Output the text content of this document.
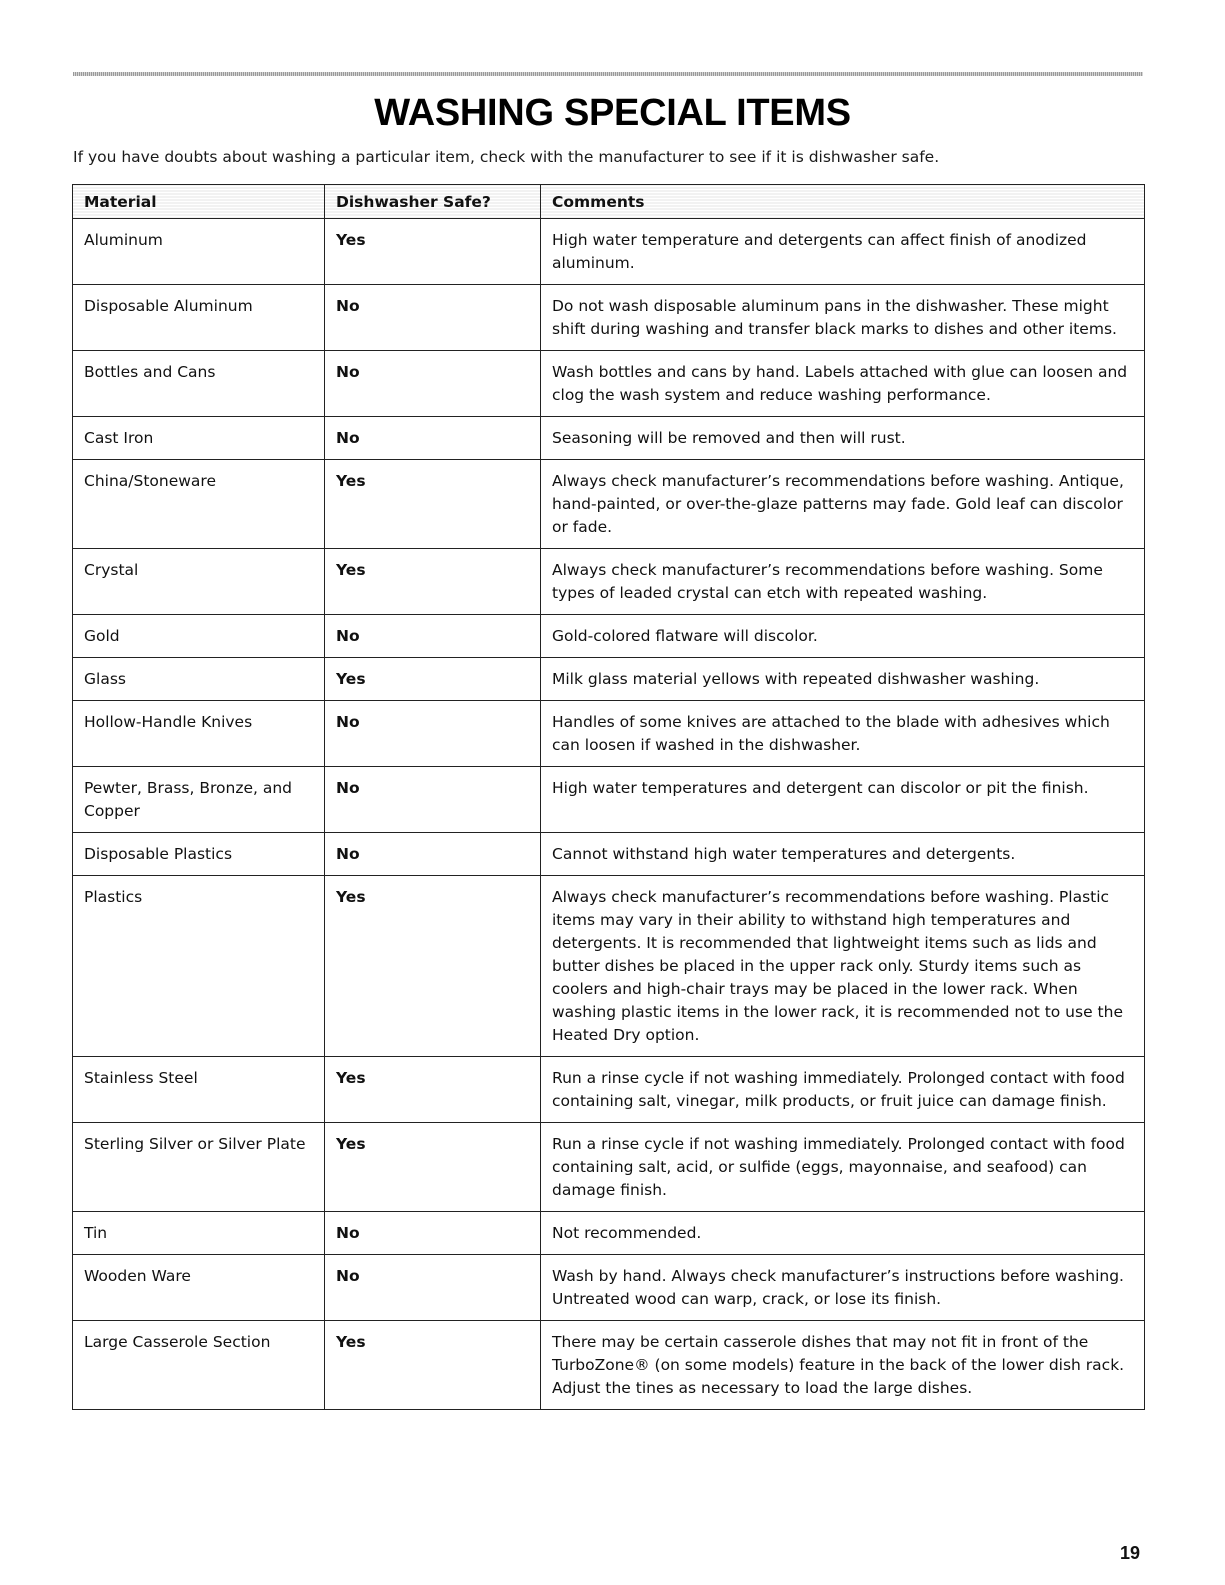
WASHING SPECIAL ITEMS
If you have doubts about washing a particular item, check with the manufacturer to see if it is dishwasher safe.
Material	Dishwasher Safe?	Comments
Aluminum	Yes	High water temperature and detergents can affect finish of anodized aluminum.
Disposable Aluminum	No	Do not wash disposable aluminum pans in the dishwasher. These might shift during washing and transfer black marks to dishes and other items.
Bottles and Cans	No	Wash bottles and cans by hand. Labels attached with glue can loosen and clog the wash system and reduce washing performance.
Cast Iron	No	Seasoning will be removed and then will rust.
China/Stoneware	Yes	Always check manufacturer’s recommendations before washing. Antique, hand-painted, or over-the-glaze patterns may fade. Gold leaf can discolor or fade.
Crystal	Yes	Always check manufacturer’s recommendations before washing. Some types of leaded crystal can etch with repeated washing.
Gold	No	Gold-colored flatware will discolor.
Glass	Yes	Milk glass material yellows with repeated dishwasher washing.
Hollow-Handle Knives	No	Handles of some knives are attached to the blade with adhesives which can loosen if washed in the dishwasher.
Pewter, Brass, Bronze, and Copper	No	High water temperatures and detergent can discolor or pit the finish.
Disposable Plastics	No	Cannot withstand high water temperatures and detergents.
Plastics	Yes	Always check manufacturer’s recommendations before washing. Plastic items may vary in their ability to withstand high temperatures and detergents. It is recommended that lightweight items such as lids and butter dishes be placed in the upper rack only. Sturdy items such as coolers and high-chair trays may be placed in the lower rack. When washing plastic items in the lower rack, it is recommended not to use the Heated Dry option.
Stainless Steel	Yes	Run a rinse cycle if not washing immediately. Prolonged contact with food containing salt, vinegar, milk products, or fruit juice can damage finish.
Sterling Silver or Silver Plate	Yes	Run a rinse cycle if not washing immediately. Prolonged contact with food containing salt, acid, or sulfide (eggs, mayonnaise, and seafood) can damage finish.
Tin	No	Not recommended.
Wooden Ware	No	Wash by hand. Always check manufacturer’s instructions before washing. Untreated wood can warp, crack, or lose its finish.
Large Casserole Section	Yes	There may be certain casserole dishes that may not fit in front of the TurboZone® (on some models) feature in the back of the lower dish rack. Adjust the tines as necessary to load the large dishes.
19
